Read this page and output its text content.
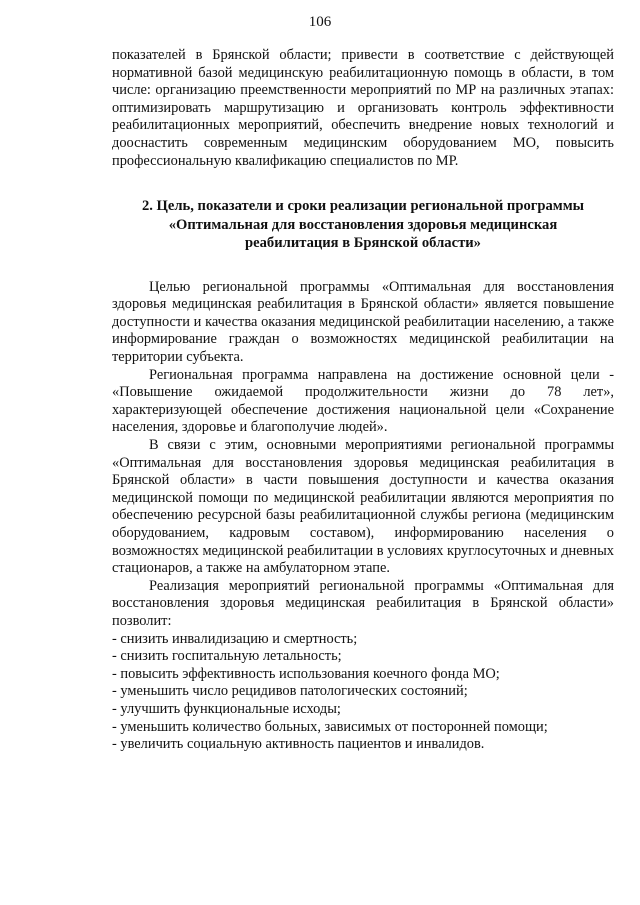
106

показателей в Брянской области; привести в соответствие с действующей нормативной базой медицинскую реабилитационную помощь в области, в том числе: организацию преемственности мероприятий по МР на различных этапах: оптимизировать маршрутизацию и организовать контроль эффективности реабилитационных мероприятий, обеспечить внедрение новых технологий и дооснастить современным медицинским оборудованием МО, повысить профессиональную квалификацию специалистов по МР.

2. Цель, показатели и сроки реализации региональной программы
«Оптимальная для восстановления здоровья медицинская
реабилитация в Брянской области»

Целью региональной программы «Оптимальная для восстановления здоровья медицинская реабилитация в Брянской области» является повышение доступности и качества оказания медицинской реабилитации населению, а также информирование граждан о возможностях медицинской реабилитации на территории субъекта.

Региональная программа направлена на достижение основной цели - «Повышение ожидаемой продолжительности жизни до 78 лет», характеризующей обеспечение достижения национальной цели «Сохранение населения, здоровье и благополучие людей».

В связи с этим, основными мероприятиями региональной программы «Оптимальная для восстановления здоровья медицинская реабилитация в Брянской области» в части повышения доступности и качества оказания медицинской помощи по медицинской реабилитации являются мероприятия по обеспечению ресурсной базы реабилитационной службы региона (медицинским оборудованием, кадровым составом), информированию населения о возможностях медицинской реабилитации в условиях круглосуточных и дневных стационаров, а также на амбулаторном этапе.

Реализация мероприятий региональной программы «Оптимальная для восстановления здоровья медицинская реабилитация в Брянской области» позволит:

- снизить инвалидизацию и смертность;
- снизить госпитальную летальность;
- повысить эффективность использования коечного фонда МО;
- уменьшить число рецидивов патологических состояний;
- улучшить функциональные исходы;
- уменьшить количество больных, зависимых от посторонней помощи;
- увеличить социальную активность пациентов и инвалидов.
